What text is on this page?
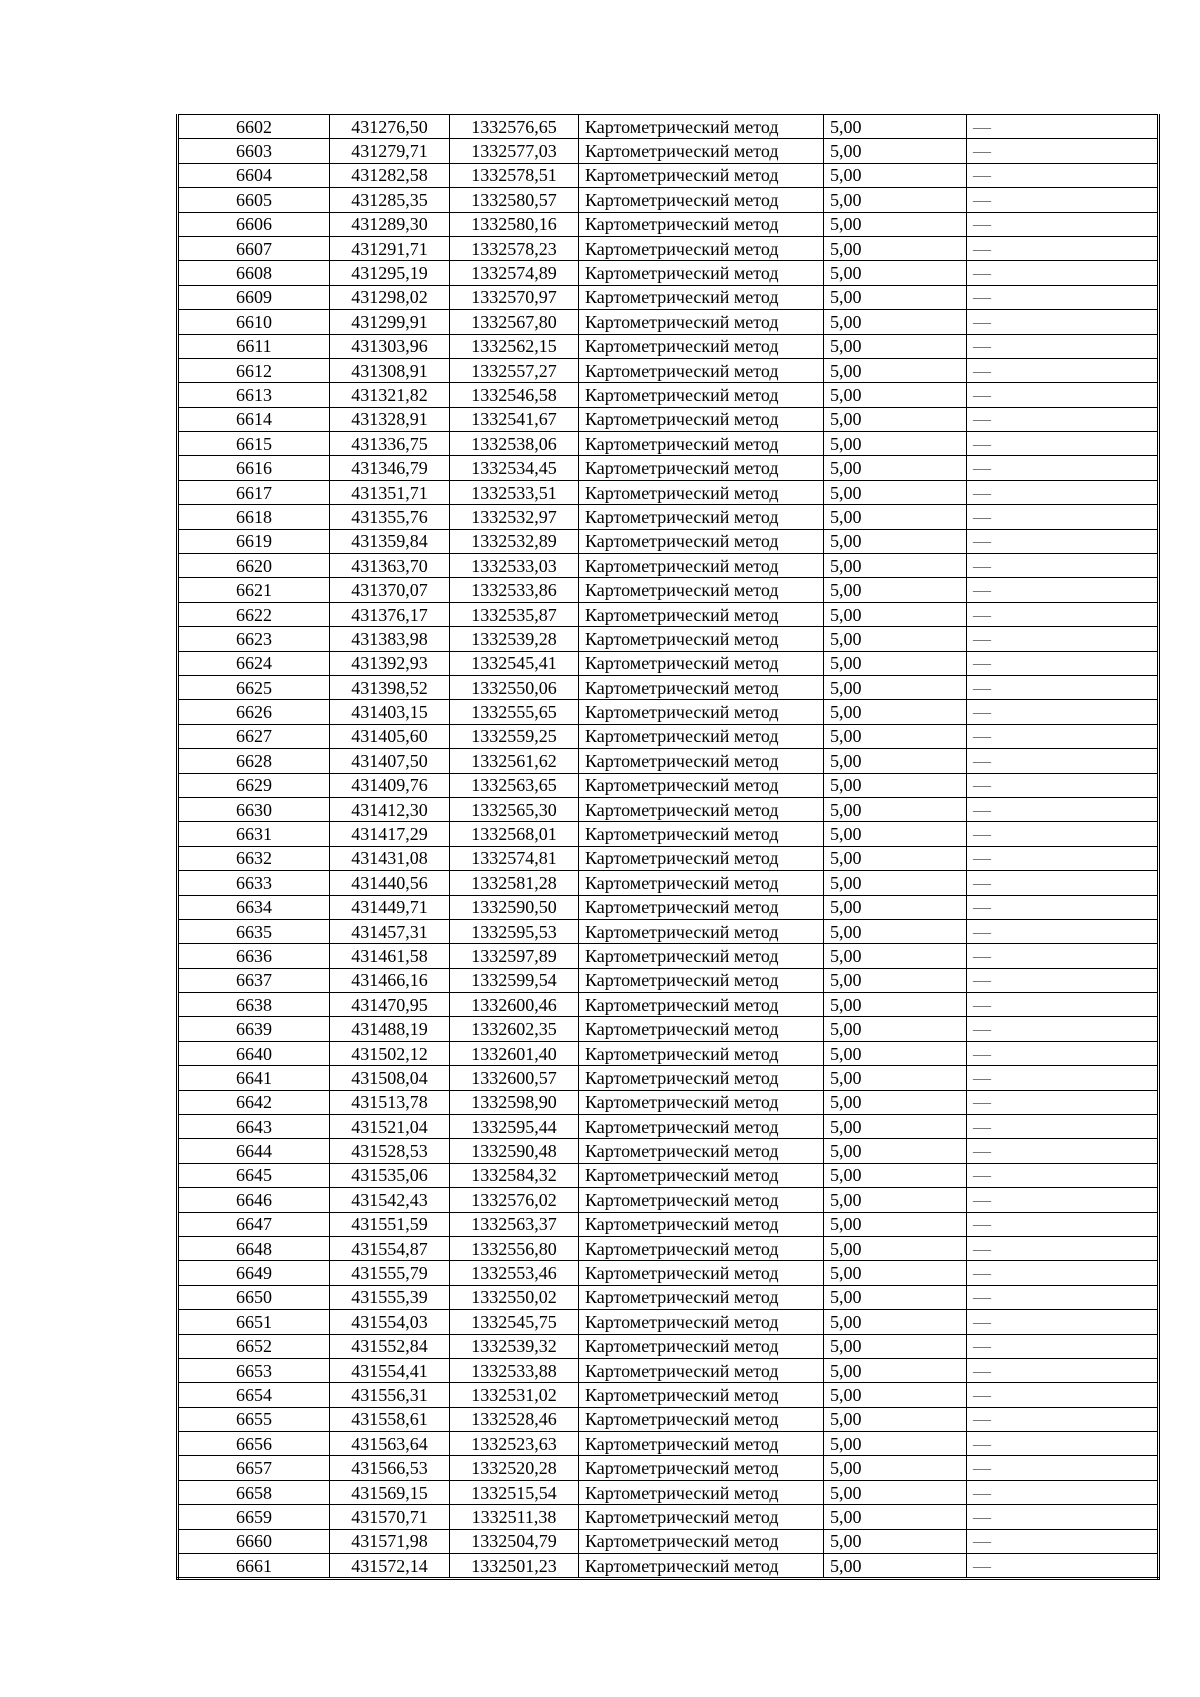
6602	431276,50	1332576,65	Картометрический метод	5,00	—
6603	431279,71	1332577,03	Картометрический метод	5,00	—
6604	431282,58	1332578,51	Картометрический метод	5,00	—
6605	431285,35	1332580,57	Картометрический метод	5,00	—
6606	431289,30	1332580,16	Картометрический метод	5,00	—
6607	431291,71	1332578,23	Картометрический метод	5,00	—
6608	431295,19	1332574,89	Картометрический метод	5,00	—
6609	431298,02	1332570,97	Картометрический метод	5,00	—
6610	431299,91	1332567,80	Картометрический метод	5,00	—
6611	431303,96	1332562,15	Картометрический метод	5,00	—
6612	431308,91	1332557,27	Картометрический метод	5,00	—
6613	431321,82	1332546,58	Картометрический метод	5,00	—
6614	431328,91	1332541,67	Картометрический метод	5,00	—
6615	431336,75	1332538,06	Картометрический метод	5,00	—
6616	431346,79	1332534,45	Картометрический метод	5,00	—
6617	431351,71	1332533,51	Картометрический метод	5,00	—
6618	431355,76	1332532,97	Картометрический метод	5,00	—
6619	431359,84	1332532,89	Картометрический метод	5,00	—
6620	431363,70	1332533,03	Картометрический метод	5,00	—
6621	431370,07	1332533,86	Картометрический метод	5,00	—
6622	431376,17	1332535,87	Картометрический метод	5,00	—
6623	431383,98	1332539,28	Картометрический метод	5,00	—
6624	431392,93	1332545,41	Картометрический метод	5,00	—
6625	431398,52	1332550,06	Картометрический метод	5,00	—
6626	431403,15	1332555,65	Картометрический метод	5,00	—
6627	431405,60	1332559,25	Картометрический метод	5,00	—
6628	431407,50	1332561,62	Картометрический метод	5,00	—
6629	431409,76	1332563,65	Картометрический метод	5,00	—
6630	431412,30	1332565,30	Картометрический метод	5,00	—
6631	431417,29	1332568,01	Картометрический метод	5,00	—
6632	431431,08	1332574,81	Картометрический метод	5,00	—
6633	431440,56	1332581,28	Картометрический метод	5,00	—
6634	431449,71	1332590,50	Картометрический метод	5,00	—
6635	431457,31	1332595,53	Картометрический метод	5,00	—
6636	431461,58	1332597,89	Картометрический метод	5,00	—
6637	431466,16	1332599,54	Картометрический метод	5,00	—
6638	431470,95	1332600,46	Картометрический метод	5,00	—
6639	431488,19	1332602,35	Картометрический метод	5,00	—
6640	431502,12	1332601,40	Картометрический метод	5,00	—
6641	431508,04	1332600,57	Картометрический метод	5,00	—
6642	431513,78	1332598,90	Картометрический метод	5,00	—
6643	431521,04	1332595,44	Картометрический метод	5,00	—
6644	431528,53	1332590,48	Картометрический метод	5,00	—
6645	431535,06	1332584,32	Картометрический метод	5,00	—
6646	431542,43	1332576,02	Картометрический метод	5,00	—
6647	431551,59	1332563,37	Картометрический метод	5,00	—
6648	431554,87	1332556,80	Картометрический метод	5,00	—
6649	431555,79	1332553,46	Картометрический метод	5,00	—
6650	431555,39	1332550,02	Картометрический метод	5,00	—
6651	431554,03	1332545,75	Картометрический метод	5,00	—
6652	431552,84	1332539,32	Картометрический метод	5,00	—
6653	431554,41	1332533,88	Картометрический метод	5,00	—
6654	431556,31	1332531,02	Картометрический метод	5,00	—
6655	431558,61	1332528,46	Картометрический метод	5,00	—
6656	431563,64	1332523,63	Картометрический метод	5,00	—
6657	431566,53	1332520,28	Картометрический метод	5,00	—
6658	431569,15	1332515,54	Картометрический метод	5,00	—
6659	431570,71	1332511,38	Картометрический метод	5,00	—
6660	431571,98	1332504,79	Картометрический метод	5,00	—
6661	431572,14	1332501,23	Картометрический метод	5,00	—
